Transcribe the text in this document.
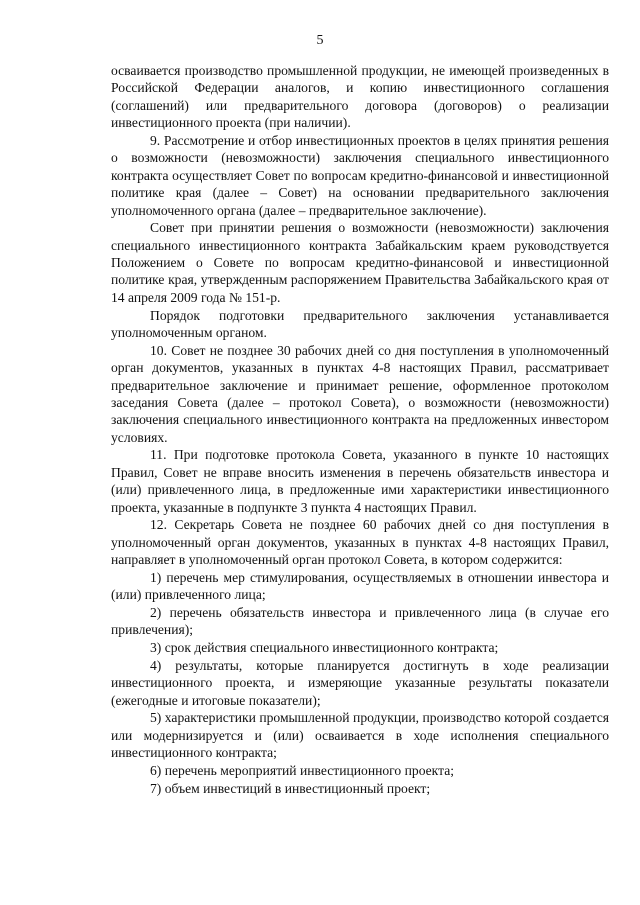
5

осваивается производство промышленной продукции, не имеющей произведенных в Российской Федерации аналогов, и копию инвестиционного соглашения (соглашений) или предварительного договора (договоров) о реализации инвестиционного проекта (при наличии).

9. Рассмотрение и отбор инвестиционных проектов в целях принятия решения о возможности (невозможности) заключения специального инвестиционного контракта осуществляет Совет по вопросам кредитно-финансовой и инвестиционной политике края (далее – Совет) на основании предварительного заключения уполномоченного органа (далее – предварительное заключение).

Совет при принятии решения о возможности (невозможности) заключения специального инвестиционного контракта Забайкальским краем руководствуется Положением о Совете по вопросам кредитно-финансовой и инвестиционной политике края, утвержденным распоряжением Правительства Забайкальского края от 14 апреля 2009 года № 151-р.

Порядок подготовки предварительного заключения устанавливается уполномоченным органом.

10. Совет не позднее 30 рабочих дней со дня поступления в уполномоченный орган документов, указанных в пунктах 4-8 настоящих Правил, рассматривает предварительное заключение и принимает решение, оформленное протоколом заседания Совета (далее – протокол Совета), о возможности (невозможности) заключения специального инвестиционного контракта на предложенных инвестором условиях.

11. При подготовке протокола Совета, указанного в пункте 10 настоящих Правил, Совет не вправе вносить изменения в перечень обязательств инвестора и (или) привлеченного лица, в предложенные ими характеристики инвестиционного проекта, указанные в подпункте 3 пункта 4 настоящих Правил.

12. Секретарь Совета не позднее 60 рабочих дней со дня поступления в уполномоченный орган документов, указанных в пунктах 4-8 настоящих Правил, направляет в уполномоченный орган протокол Совета, в котором содержится:

1) перечень мер стимулирования, осуществляемых в отношении инвестора и (или) привлеченного лица;

2) перечень обязательств инвестора и привлеченного лица (в случае его привлечения);

3) срок действия специального инвестиционного контракта;

4) результаты, которые планируется достигнуть в ходе реализации инвестиционного проекта, и измеряющие указанные результаты показатели (ежегодные и итоговые показатели);

5) характеристики промышленной продукции, производство которой создается или модернизируется и (или) осваивается в ходе исполнения специального инвестиционного контракта;

6) перечень мероприятий инвестиционного проекта;

7) объем инвестиций в инвестиционный проект;
